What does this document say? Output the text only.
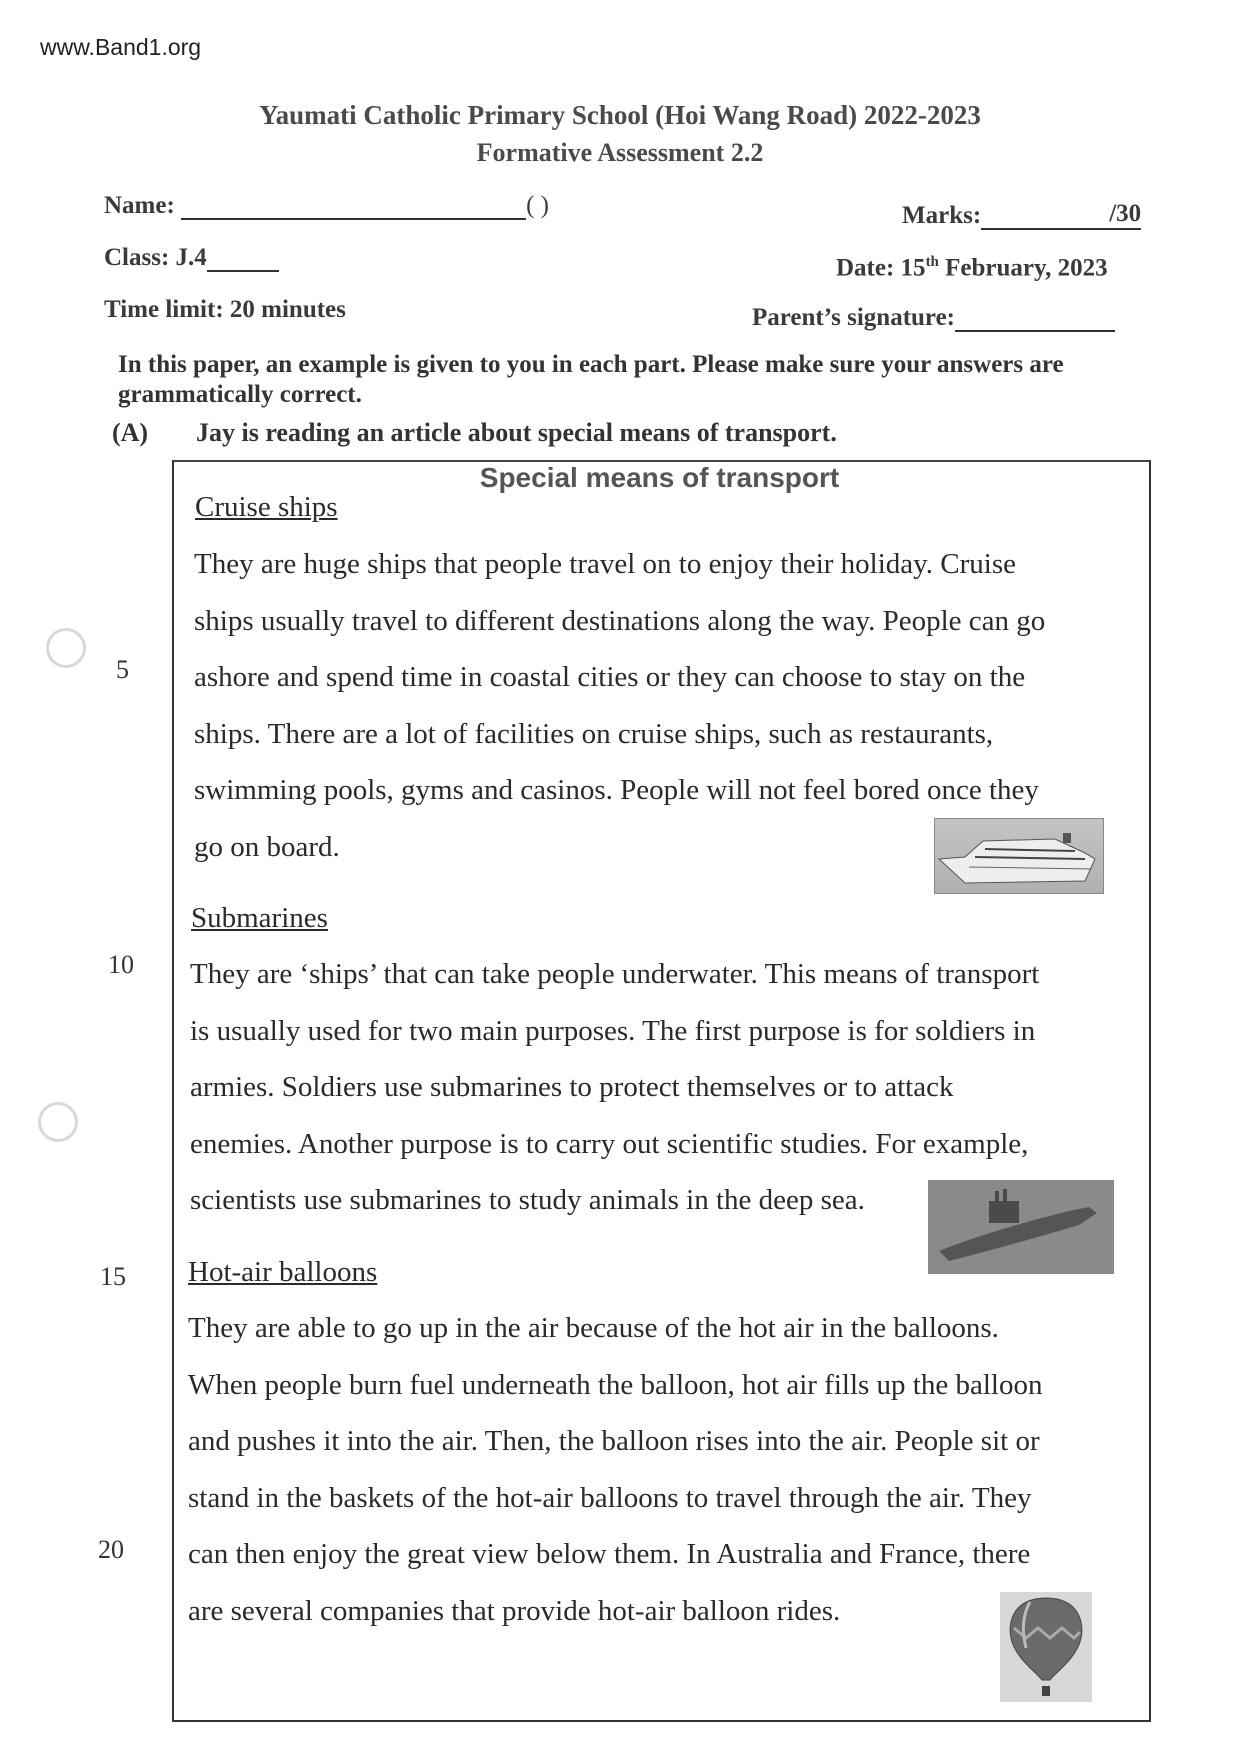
www.Band1.org
Yaumati Catholic Primary School (Hoi Wang Road) 2022-2023
Formative Assessment 2.2
Name:	( )	Marks:	/30
Class: J.4	Date: 15th February, 2023
Time limit: 20 minutes	Parent’s signature:
In this paper, an example is given to you in each part. Please make sure your answers are grammatically correct.
(A) Jay is reading an article about special means of transport.
5
10
15
20
Special means of transport
Cruise ships
They are huge ships that people travel on to enjoy their holiday. Cruise
ships usually travel to different destinations along the way. People can go
ashore and spend time in coastal cities or they can choose to stay on the
ships. There are a lot of facilities on cruise ships, such as restaurants,
swimming pools, gyms and casinos. People will not feel bored once they
go on board.
Submarines
They are ‘ships’ that can take people underwater. This means of transport
is usually used for two main purposes. The first purpose is for soldiers in
armies. Soldiers use submarines to protect themselves or to attack
enemies. Another purpose is to carry out scientific studies. For example,
scientists use submarines to study animals in the deep sea.
Hot-air balloons
They are able to go up in the air because of the hot air in the balloons.
When people burn fuel underneath the balloon, hot air fills up the balloon
and pushes it into the air. Then, the balloon rises into the air. People sit or
stand in the baskets of the hot-air balloons to travel through the air. They
can then enjoy the great view below them. In Australia and France, there
are several companies that provide hot-air balloon rides.
